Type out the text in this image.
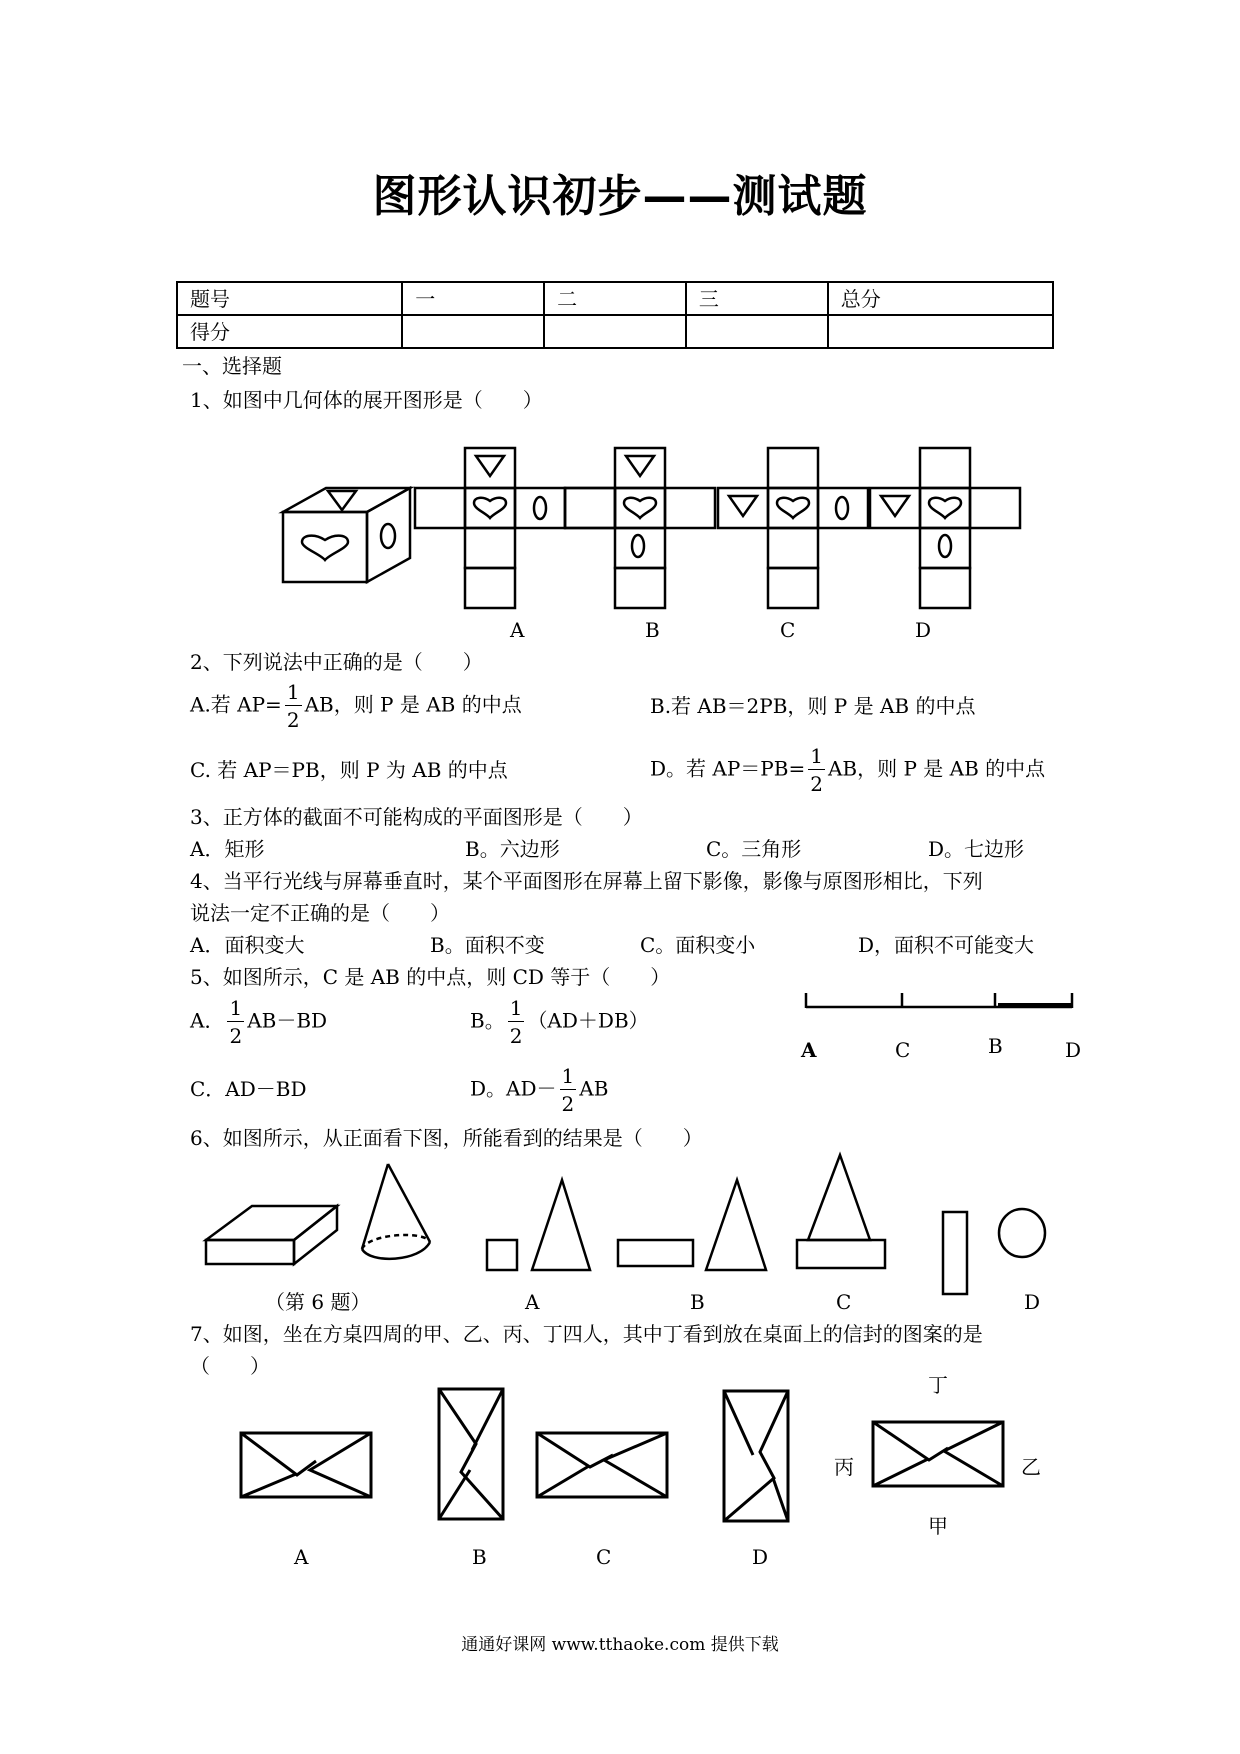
图形认识初步——测试题
题号	一	二	三	总分
得分				
一、选择题
1、如图中几何体的展开图形是（　　）
A	B	C	D
2、下列说法中正确的是（　　）
A.若 $AP= \frac{1}{2}$ AB，则 P 是 AB 的中点	B.若 AB＝2PB，则 P 是 AB 的中点
C. 若 AP＝PB，则 P 为 AB 的中点	D。若 $AP=PB= \frac{1}{2}$ AB，则 P 是 AB 的中点
3、正方体的截面不可能构成的平面图形是（　　）
A．矩形	B。六边形	C。三角形	D。七边形
4、当平行光线与屏幕垂直时，某个平面图形在屏幕上留下影像，影像与原图形相比，下列
说法一定不正确的是（　　）
A．面积变大	B。面积不变	C。面积变小	D，面积不可能变大
5、如图所示，C 是 AB 的中点，则 CD 等于（　　）
A． $\frac{1}{2} AB-BD$	B。 $\frac{1}{2} (AD+DB)$
C．AD－BD	D。$AD- \frac{1}{2}$ AB
A	C	B	D
6、如图所示，从正面看下图，所能看到的结果是（　　）
（第 6 题）	A	B	C	D
7、如图，坐在方桌四周的甲、乙、丙、丁四人，其中丁看到放在桌面上的信封的图案的是
（　　）
A	B	C	D
丁
丙	乙
甲
通通好课网 www.tthaoke.com 提供下载
